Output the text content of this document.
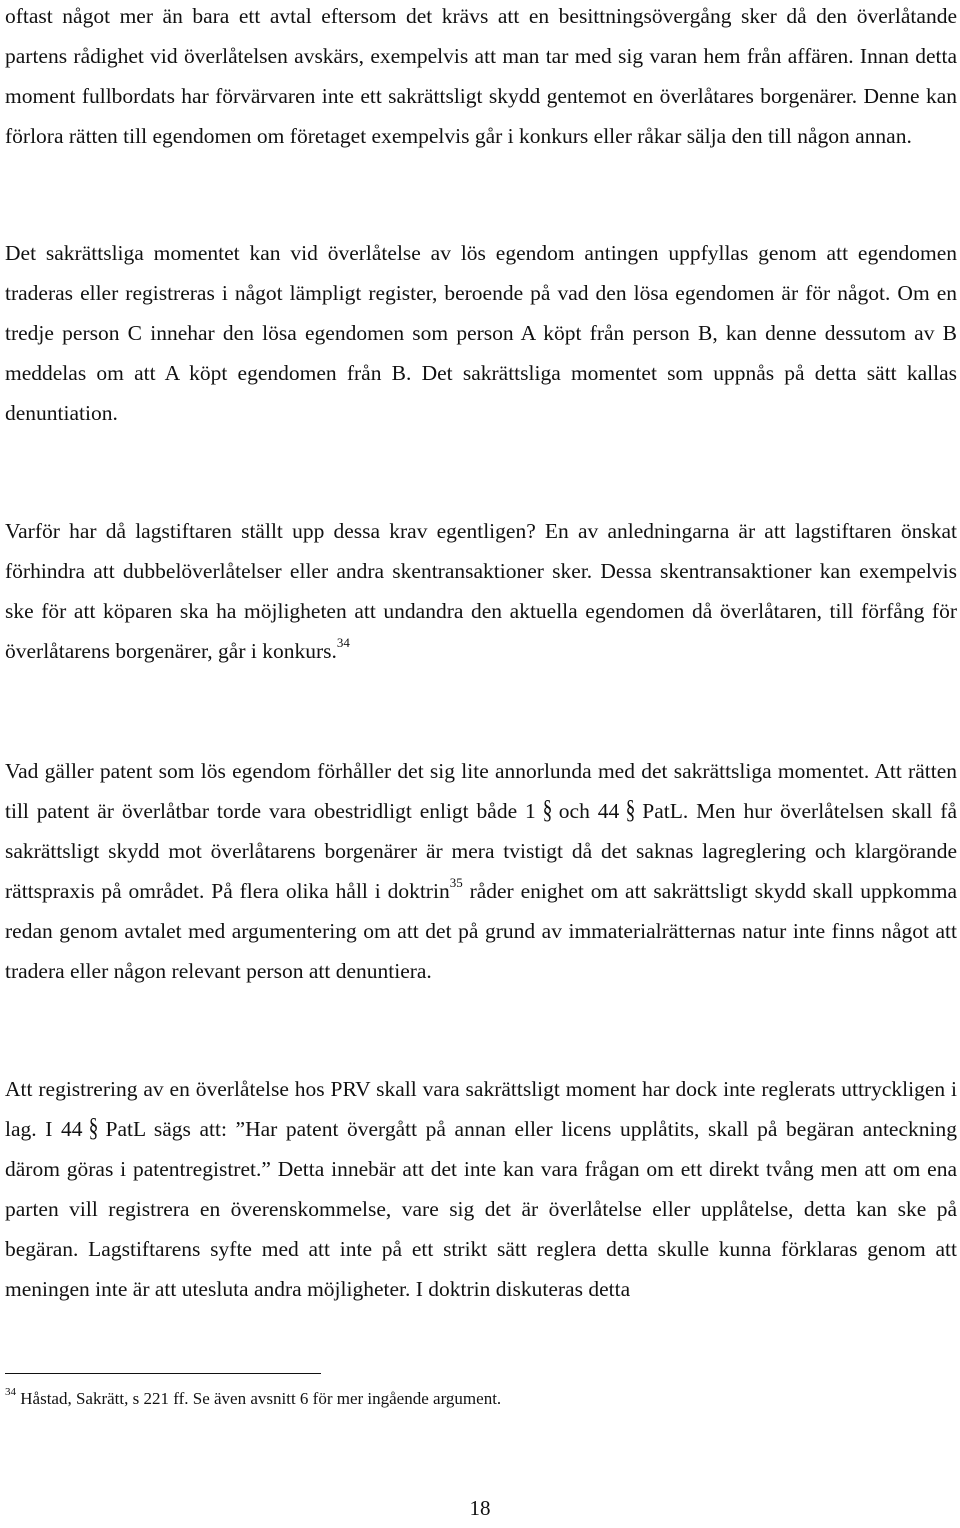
oftast något mer än bara ett avtal eftersom det krävs att en besittningsövergång sker då den överlåtande partens rådighet vid överlåtelsen avskärs, exempelvis att man tar med sig varan hem från affären. Innan detta moment fullbordats har förvärvaren inte ett sakrättsligt skydd gentemot en överlåtares borgenärer. Denne kan förlora rätten till egendomen om företaget exempelvis går i konkurs eller råkar sälja den till någon annan.

Det sakrättsliga momentet kan vid överlåtelse av lös egendom antingen uppfyllas genom att egendomen traderas eller registreras i något lämpligt register, beroende på vad den lösa egendomen är för något. Om en tredje person C innehar den lösa egendomen som person A köpt från person B, kan denne dessutom av B meddelas om att A köpt egendomen från B. Det sakrättsliga momentet som uppnås på detta sätt kallas denuntiation.

Varför har då lagstiftaren ställt upp dessa krav egentligen? En av anledningarna är att lagstiftaren önskat förhindra att dubbelöverlåtelser eller andra skentransaktioner sker. Dessa skentransaktioner kan exempelvis ske för att köparen ska ha möjligheten att undandra den aktuella egendomen då överlåtaren, till förfång för överlåtarens borgenärer, går i konkurs.$^{34}$

Vad gäller patent som lös egendom förhåller det sig lite annorlunda med det sakrättsliga momentet. Att rätten till patent är överlåtbar torde vara obestridligt enligt både 1 § och 44 § PatL. Men hur överlåtelsen skall få sakrättsligt skydd mot överlåtarens borgenärer är mera tvistigt då det saknas lagreglering och klargörande rättspraxis på området. På flera olika håll i doktrin$^{35}$ råder enighet om att sakrättsligt skydd skall uppkomma redan genom avtalet med argumentering om att det på grund av immaterialrätternas natur inte finns något att tradera eller någon relevant person att denuntiera.

Att registrering av en överlåtelse hos PRV skall vara sakrättsligt moment har dock inte reglerats uttryckligen i lag. I 44 § PatL sägs att: ”Har patent övergått på annan eller licens upplåtits, skall på begäran anteckning därom göras i patentregistret.” Detta innebär att det inte kan vara frågan om ett direkt tvång men att om ena parten vill registrera en överenskommelse, vare sig det är överlåtelse eller upplåtelse, detta kan ske på begäran. Lagstiftarens syfte med att inte på ett strikt sätt reglera detta skulle kunna förklaras genom att meningen inte är att utesluta andra möjligheter. I doktrin diskuteras detta

$^{34}$ Håstad, Sakrätt, s 221 ff. Se även avsnitt 6 för mer ingående argument.
18
